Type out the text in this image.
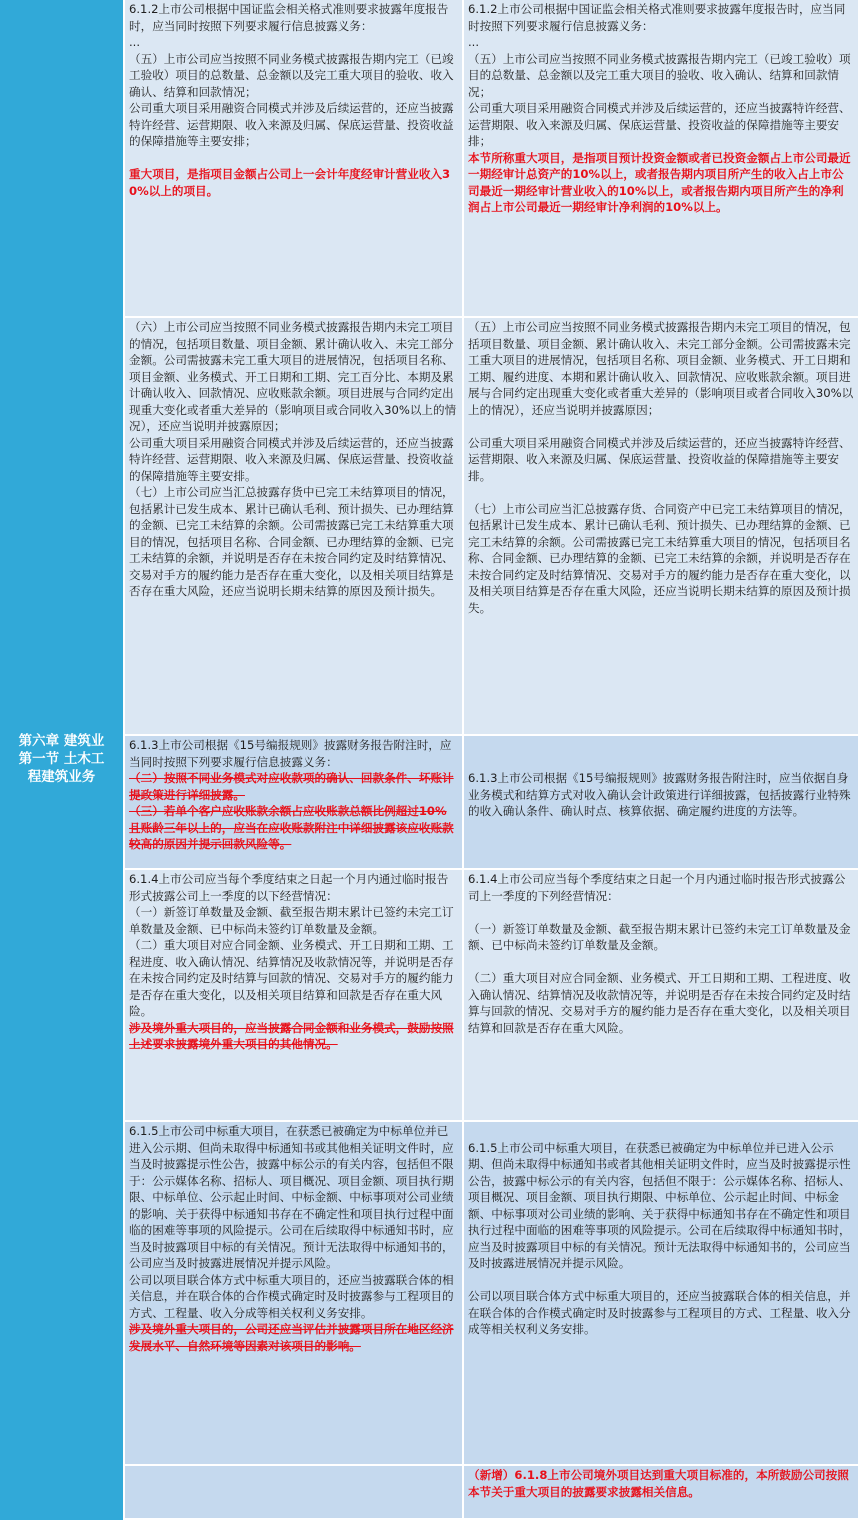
第六章 建筑业
第一节 土木工
程建筑业务

6.1.2上市公司根据中国证监会相关格式准则要求披露年度报告时，应当同时按照下列要求履行信息披露义务：

...

（五）上市公司应当按照不同业务模式披露报告期内完工（已竣工验收）项目的总数量、总金额以及完工重大项目的验收、收入确认、结算和回款情况；

公司重大项目采用融资合同模式并涉及后续运营的，还应当披露特许经营、运营期限、收入来源及归属、保底运营量、投资收益的保障措施等主要安排；

重大项目，是指项目金额占公司上一会计年度经审计营业收入30%以上的项目。

6.1.2上市公司根据中国证监会相关格式准则要求披露年度报告时，应当同时按照下列要求履行信息披露义务：

...

（五）上市公司应当按照不同业务模式披露报告期内完工（已竣工验收）项目的总数量、总金额以及完工重大项目的验收、收入确认、结算和回款情况；

公司重大项目采用融资合同模式并涉及后续运营的，还应当披露特许经营、运营期限、收入来源及归属、保底运营量、投资收益的保障措施等主要安排；

本节所称重大项目，是指项目预计投资金额或者已投资金额占上市公司最近一期经审计总资产的10%以上，或者报告期内项目所产生的收入占上市公司最近一期经审计营业收入的10%以上，或者报告期内项目所产生的净利润占上市公司最近一期经审计净利润的10%以上。

（六）上市公司应当按照不同业务模式披露报告期内未完工项目的情况，包括项目数量、项目金额、累计确认收入、未完工部分金额。公司需披露未完工重大项目的进展情况，包括项目名称、项目金额、业务模式、开工日期和工期、完工百分比、本期及累计确认收入、回款情况、应收账款余额。项目进展与合同约定出现重大变化或者重大差异的（影响项目或合同收入30%以上的情况），还应当说明并披露原因；

公司重大项目采用融资合同模式并涉及后续运营的，还应当披露特许经营、运营期限、收入来源及归属、保底运营量、投资收益的保障措施等主要安排。

（七）上市公司应当汇总披露存货中已完工未结算项目的情况，包括累计已发生成本、累计已确认毛利、预计损失、已办理结算的金额、已完工未结算的余额。公司需披露已完工未结算重大项目的情况，包括项目名称、合同金额、已办理结算的金额、已完工未结算的余额，并说明是否存在未按合同约定及时结算情况、交易对手方的履约能力是否存在重大变化，以及相关项目结算是否存在重大风险，还应当说明长期未结算的原因及预计损失。

（五）上市公司应当按照不同业务模式披露报告期内未完工项目的情况，包括项目数量、项目金额、累计确认收入、未完工部分金额。公司需披露未完工重大项目的进展情况，包括项目名称、项目金额、业务模式、开工日期和工期、履约进度、本期和累计确认收入、回款情况、应收账款余额。项目进展与合同约定出现重大变化或者重大差异的（影响项目或者合同收入30%以上的情况），还应当说明并披露原因；

公司重大项目采用融资合同模式并涉及后续运营的，还应当披露特许经营、运营期限、收入来源及归属、保底运营量、投资收益的保障措施等主要安排。

（七）上市公司应当汇总披露存货、合同资产中已完工未结算项目的情况，包括累计已发生成本、累计已确认毛利、预计损失、已办理结算的金额、已完工未结算的余额。公司需披露已完工未结算重大项目的情况，包括项目名称、合同金额、已办理结算的金额、已完工未结算的余额，并说明是否存在未按合同约定及时结算情况、交易对手方的履约能力是否存在重大变化，以及相关项目结算是否存在重大风险，还应当说明长期未结算的原因及预计损失。

6.1.3上市公司根据《15号编报规则》披露财务报告附注时，应当同时按照下列要求履行信息披露义务：

（二）按照不同业务模式对应收款项的确认、回款条件、坏账计提政策进行详细披露。

（三）若单个客户应收账款余额占应收账款总额比例超过10%且账龄三年以上的，应当在应收账款附注中详细披露该应收账款较高的原因并提示回款风险等。

6.1.3上市公司根据《15号编报规则》披露财务报告附注时，应当依据自身业务模式和结算方式对收入确认会计政策进行详细披露，包括披露行业特殊的收入确认条件、确认时点、核算依据、确定履约进度的方法等。

6.1.4上市公司应当每个季度结束之日起一个月内通过临时报告形式披露公司上一季度的以下经营情况：

（一）新签订单数量及金额、截至报告期末累计已签约未完工订单数量及金额、已中标尚未签约订单数量及金额。

（二）重大项目对应合同金额、业务模式、开工日期和工期、工程进度、收入确认情况、结算情况及收款情况等，并说明是否存在未按合同约定及时结算与回款的情况、交易对手方的履约能力是否存在重大变化，以及相关项目结算和回款是否存在重大风险。

涉及境外重大项目的，应当披露合同金额和业务模式，鼓励按照上述要求披露境外重大项目的其他情况。

6.1.4上市公司应当每个季度结束之日起一个月内通过临时报告形式披露公司上一季度的下列经营情况：

（一）新签订单数量及金额、截至报告期末累计已签约未完工订单数量及金额、已中标尚未签约订单数量及金额。

（二）重大项目对应合同金额、业务模式、开工日期和工期、工程进度、收入确认情况、结算情况及收款情况等，并说明是否存在未按合同约定及时结算与回款的情况、交易对手方的履约能力是否存在重大变化，以及相关项目结算和回款是否存在重大风险。

6.1.5上市公司中标重大项目，在获悉已被确定为中标单位并已进入公示期、但尚未取得中标通知书或其他相关证明文件时，应当及时披露提示性公告，披露中标公示的有关内容，包括但不限于：公示媒体名称、招标人、项目概况、项目金额、项目执行期限、中标单位、公示起止时间、中标金额、中标事项对公司业绩的影响、关于获得中标通知书存在不确定性和项目执行过程中面临的困难等事项的风险提示。公司在后续取得中标通知书时，应当及时披露项目中标的有关情况。预计无法取得中标通知书的，公司应当及时披露进展情况并提示风险。

公司以项目联合体方式中标重大项目的，还应当披露联合体的相关信息，并在联合体的合作模式确定时及时披露参与工程项目的方式、工程量、收入分成等相关权利义务安排。

涉及境外重大项目的，公司还应当评估并披露项目所在地区经济发展水平、自然环境等因素对该项目的影响。

6.1.5上市公司中标重大项目，在获悉已被确定为中标单位并已进入公示期、但尚未取得中标通知书或者其他相关证明文件时，应当及时披露提示性公告，披露中标公示的有关内容，包括但不限于：公示媒体名称、招标人、项目概况、项目金额、项目执行期限、中标单位、公示起止时间、中标金额、中标事项对公司业绩的影响、关于获得中标通知书存在不确定性和项目执行过程中面临的困难等事项的风险提示。公司在后续取得中标通知书时，应当及时披露项目中标的有关情况。预计无法取得中标通知书的，公司应当及时披露进展情况并提示风险。

公司以项目联合体方式中标重大项目的，还应当披露联合体的相关信息，并在联合体的合作模式确定时及时披露参与工程项目的方式、工程量、收入分成等相关权利义务安排。

（新增）6.1.8上市公司境外项目达到重大项目标准的，本所鼓励公司按照本节关于重大项目的披露要求披露相关信息。
